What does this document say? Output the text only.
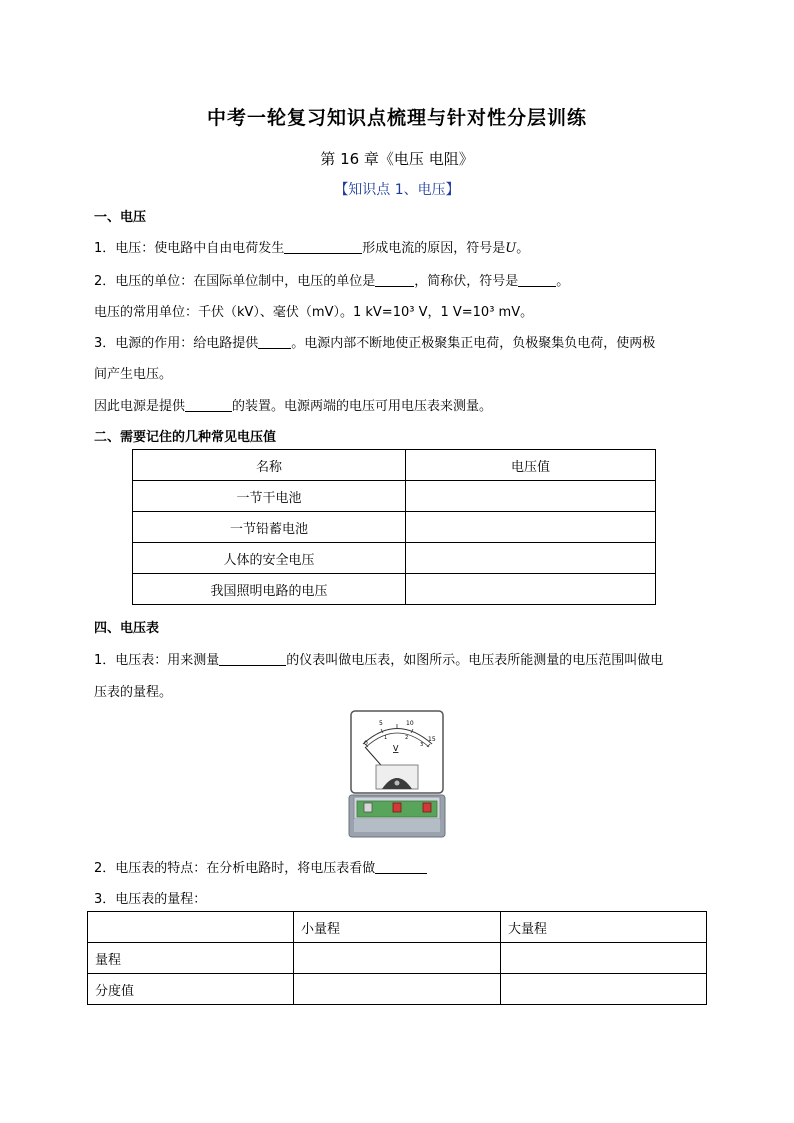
中考一轮复习知识点梳理与针对性分层训练
第 16 章《电压 电阻》
【知识点 1、电压】
一、电压
1．电压：使电路中自由电荷发生	形成电流的原因，符号是U。
2．电压的单位：在国际单位制中，电压的单位是	，简称伏，符号是	。
电压的常用单位：千伏（kV）、毫伏（mV）。1 kV=10³ V，1 V=10³ mV。
3．电源的作用：给电路提供	。电源内部不断地使正极聚集正电荷，负极聚集负电荷，使两极
间产生电压。
因此电源是提供	的装置。电源两端的电压可用电压表来测量。
二、需要记住的几种常见电压值
名称	电压值
一节干电池	
一节铅蓄电池	
人体的安全电压	
我国照明电路的电压	
四、电压表
1．电压表：用来测量	的仪表叫做电压表，如图所示。电压表所能测量的电压范围叫做电
压表的量程。
0
5	10
15
1	2
3
V
2．电压表的特点：在分析电路时，将电压表看做
3．电压表的量程：
	小量程	大量程
量程		
分度值		
